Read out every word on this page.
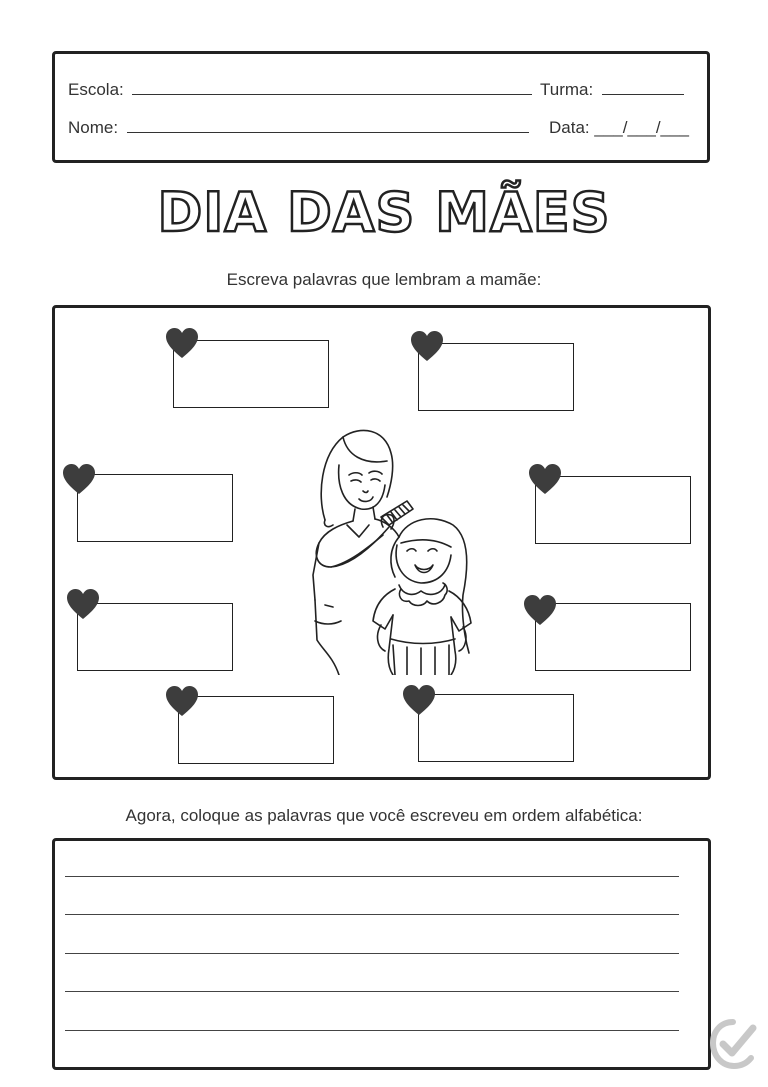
Escola:	Turma:
Nome:	Data: ___/___/___
DIA DAS MÃES
Escreva palavras que lembram a mamãe:
Agora, coloque as palavras que você escreveu em ordem alfabética:
